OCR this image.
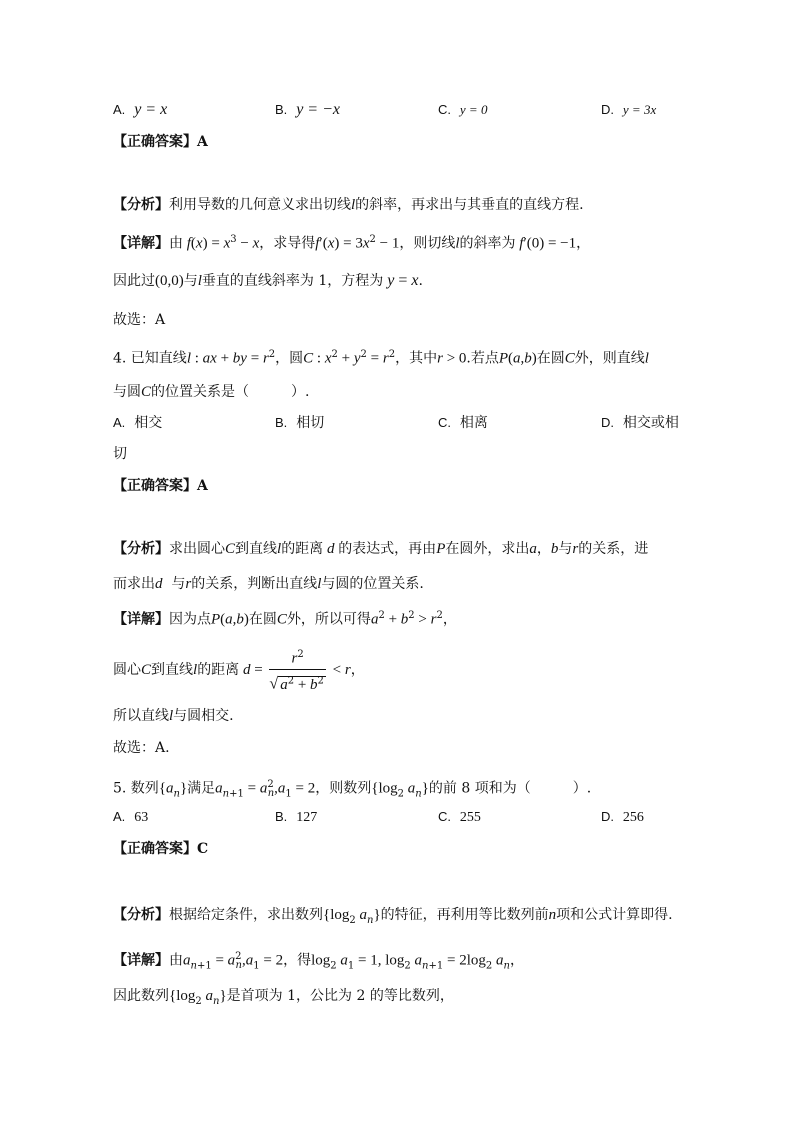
A. y = x	B. y = −x	C. y = 0	D. y = 3x
【正确答案】A
【分析】利用导数的几何意义求出切线l的斜率，再求出与其垂直的直线方程.
【详解】由 $f(x) = x^3 - x$，求导得$f'(x) = 3x^2 - 1$，则切线l的斜率为 f′(0) = −1，
因此过(0,0)与l垂直的直线斜率为 1，方程为 y = x.
故选：A
4. 已知直线l : ax + by = $r^2$，圆C : $x^2 + y^2 = r^2$，其中r > 0.若点P(a,b)在圆C外，则直线l
与圆C的位置关系是（　　　）.
A. 相交	B. 相切	C. 相离	D. 相交或相
切
【正确答案】A
【分析】求出圆心C到直线l的距离 d 的表达式，再由P在圆外，求出a，b与r的关系，进
而求出d 与r的关系，判断出直线l与圆的位置关系.
【详解】因为点P(a,b)在圆C外，所以可得$a^2 + b^2 > r^2$，
圆心C到直线l的距离 $d = \frac{r^2}{√ a^2 + b^2} < r$，
所以直线l与圆相交.
故选：A.
5. 数列$\{a_n\}$满足$a_{n+1} = a^2_n,a_1 = 2$，则数列{$\log_2$ $a_n$}的前 8 项和为（　　　）.
A. 63	B. 127	C. 255	D. 256
【正确答案】C
【分析】根据给定条件，求出数列{$\log_2$ $a_n$}的特征，再利用等比数列前n项和公式计算即得.
【详解】由$a_{n+1} = a^2_n,a_1 = 2$，得$\log_2 a_1 = 1$, $\log_2 a_{n+1} = 2\log_2$ $a_n$，
因此数列{$\log_2$ $a_n$}是首项为 1，公比为 2 的等比数列，
